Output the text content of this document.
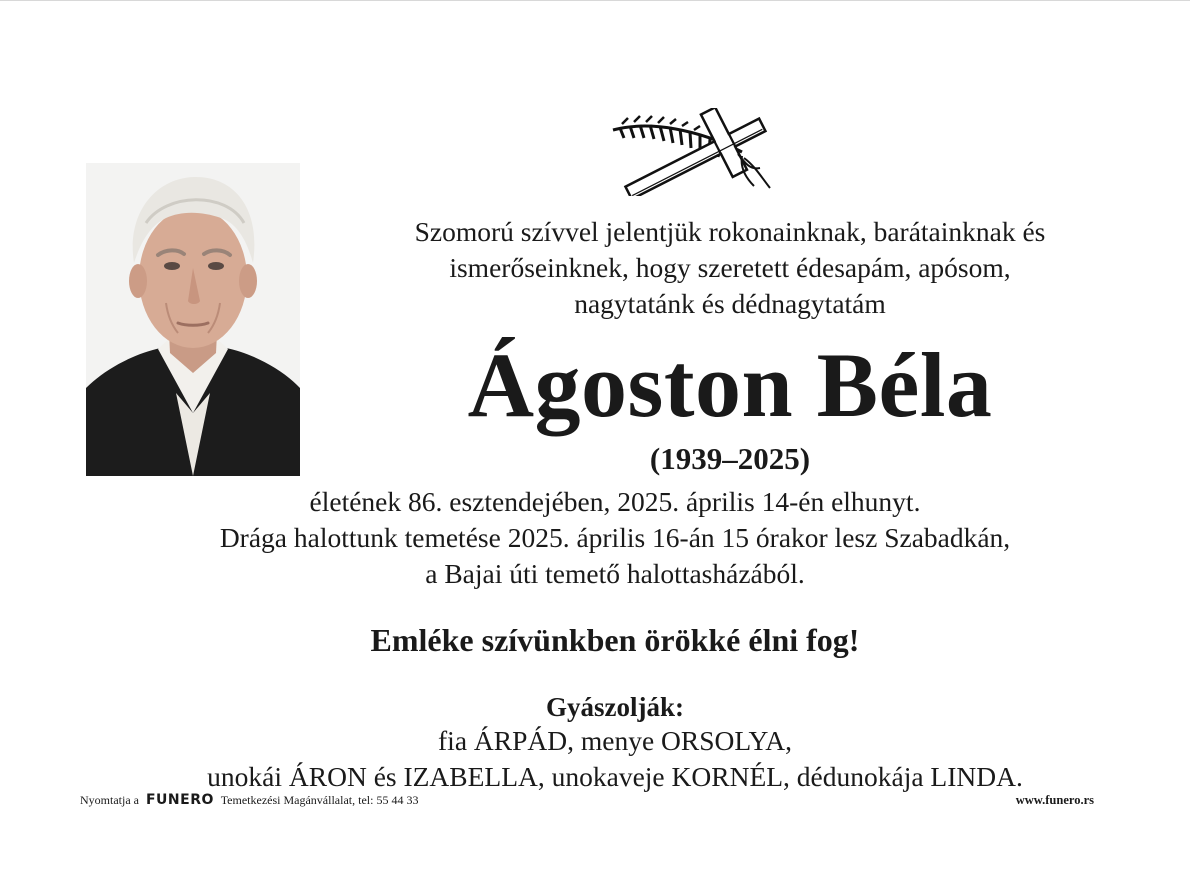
Szomorú szívvel jelentjük rokonainknak, barátainknak és
ismerőseinknek, hogy szeretett édesapám, apósom,
nagytatánk és dédnagytatám
Ágoston Béla
(1939–2025)
életének 86. esztendejében, 2025. április 14-én elhunyt.
Drága halottunk temetése 2025. április 16-án 15 órakor lesz Szabadkán,
a Bajai úti temető halottasházából.
Emléke szívünkben örökké élni fog!
Gyászolják:
fia ÁRPÁD, menye ORSOLYA,
unokái ÁRON és IZABELLA, unokaveje KORNÉL, dédunokája LINDA.
Nyomtatja a FUNERO Temetkezési Magánvállalat, tel: 55 44 33	www.funero.rs
